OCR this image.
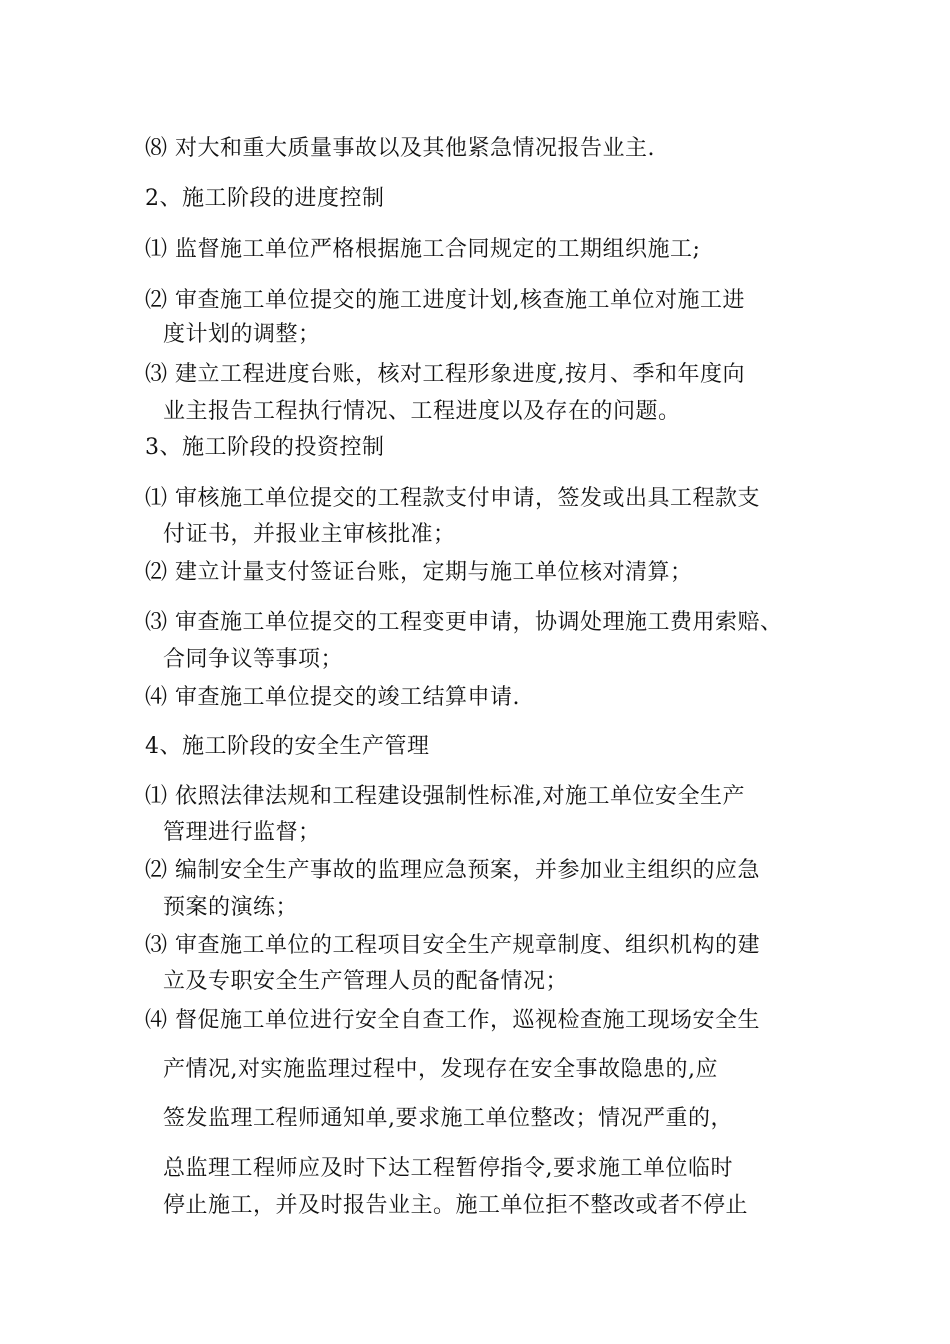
⑻ 对大和重大质量事故以及其他紧急情况报告业主.
2、施工阶段的进度控制
⑴ 监督施工单位严格根据施工合同规定的工期组织施工;
⑵ 审查施工单位提交的施工进度计划,核查施工单位对施工进
度计划的调整；
⑶ 建立工程进度台账，核对工程形象进度,按月、季和年度向
业主报告工程执行情况、工程进度以及存在的问题。
3、施工阶段的投资控制
⑴ 审核施工单位提交的工程款支付申请，签发或出具工程款支
付证书，并报业主审核批准；
⑵ 建立计量支付签证台账，定期与施工单位核对清算；
⑶ 审查施工单位提交的工程变更申请，协调处理施工费用索赔、
合同争议等事项；
⑷ 审查施工单位提交的竣工结算申请.
4、施工阶段的安全生产管理
⑴ 依照法律法规和工程建设强制性标准,对施工单位安全生产
管理进行监督；
⑵ 编制安全生产事故的监理应急预案，并参加业主组织的应急
预案的演练；
⑶ 审查施工单位的工程项目安全生产规章制度、组织机构的建
立及专职安全生产管理人员的配备情况；
⑷ 督促施工单位进行安全自查工作，巡视检查施工现场安全生
产情况,对实施监理过程中，发现存在安全事故隐患的,应
签发监理工程师通知单,要求施工单位整改；情况严重的，
总监理工程师应及时下达工程暂停指令,要求施工单位临时
停止施工，并及时报告业主。施工单位拒不整改或者不停止
